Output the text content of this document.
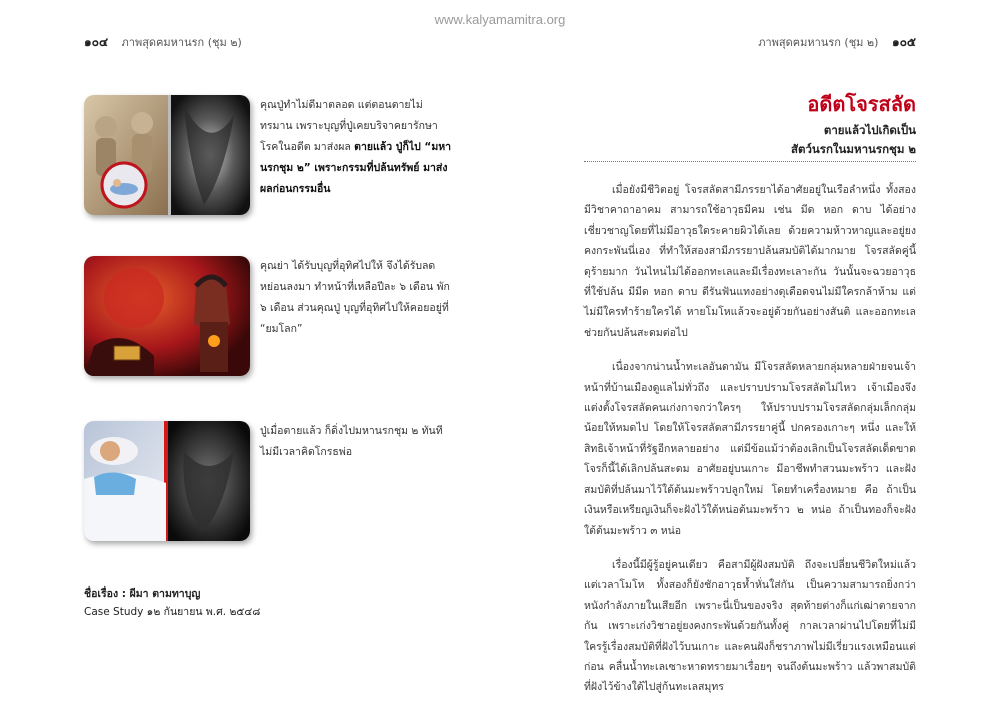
www.kalyamamitra.org
๑๐๔ ภาพสุดฅมหานรก (ชุม ๒)	ภาพสุดฅมหานรก (ชุม ๒) ๑๐๕
คุณปู่ทำไม่ดีมาตลอด แต่ตอนตายไม่ทรมาน เพราะบุญที่ปู่เคยบริจาคยารักษาโรคในอดีต มาส่งผล ตายแล้ว ปู่ก็ไป “มหานรกชุม ๒” เพราะกรรมที่ปล้นทรัพย์ มาส่งผลก่อนกรรมอื่น
คุณย่า ได้รับบุญที่อุทิศไปให้ จึงได้รับลดหย่อนลงมา ทำหน้าที่เหลือปีละ ๖ เดือน พัก ๖ เดือน ส่วนคุณปู่ บุญที่อุทิศไปให้คอยอยู่ที่ “ยมโลก”
ปู่เมื่อตายแล้ว ก็ดิ่งไปมหานรกชุม ๒ ทันที ไม่มีเวลาคิดโกรธพ่อ
ชื่อเรื่อง : ผีมา ตามทาบุญ
Case Study ๑๒ กันยายน พ.ศ. ๒๕๔๘
อดีตโจรสลัด
ตายแล้วไปเกิดเป็น
สัตว์นรกในมหานรกชุม ๒

เมื่อยังมีชีวิตอยู่ โจรสลัดสามีภรรยาได้อาศัยอยู่ในเรือลำหนึ่ง ทั้งสองมีวิชาคาถาอาคม สามารถใช้อาวุธมีคม เช่น มีด หอก ดาบ ได้อย่างเชี่ยวชาญโดยที่ไม่มีอาวุธใดระคายผิวได้เลย ด้วยความห้าวหาญและอยู่ยงคงกระพันนี่เอง ที่ทำให้สองสามีภรรยาปล้นสมบัติได้มากมาย โจรสลัดคู่นี้ดุร้ายมาก วันไหนไม่ได้ออกทะเลและมีเรื่องทะเลาะกัน วันนั้นจะฉวยอาวุธที่ใช้ปล้น มีมีด หอก ดาบ ดีรันฟันแทงอย่างดุเดือดจนไม่มีใครกล้าห้าม แต่ไม่มีใครทำร้ายใครได้ หายโมโหแล้วจะอยู่ด้วยกันอย่างสันติ และออกทะเลช่วยกันปล้นสะดมต่อไป

เนื่องจากน่านน้ำทะเลอันดามัน มีโจรสลัดหลายกลุ่มหลายฝ่ายจนเจ้าหน้าที่บ้านเมืองดูแลไม่ทั่วถึง และปราบปรามโจรสลัดไม่ไหว เจ้าเมืองจึงแต่งตั้งโจรสลัดคนเก่งกาจกว่าใครๆ ให้ปราบปรามโจรสลัดกลุ่มเล็กกลุ่มน้อยให้หมดไป โดยให้โจรสลัดสามีภรรยาคู่นี้ ปกครองเกาะๆ หนึ่ง และให้สิทธิเจ้าหน้าที่รัฐอีกหลายอย่าง แต่มีข้อแม้ว่าต้องเลิกเป็นโจรสลัดเด็ดขาด โจรก็นี้ได้เลิกปล้นสะดม อาศัยอยู่บนเกาะ มีอาชีพทำสวนมะพร้าว และฝังสมบัติที่ปล้นมาไว้ใต้ต้นมะพร้าวปลูกใหม่ โดยทำเครื่องหมาย คือ ถ้าเป็นเงินหรือเหรียญเงินก็จะฝังไว้ใต้หน่อต้นมะพร้าว ๒ หน่อ ถ้าเป็นทองก็จะฝังใต้ต้นมะพร้าว ๓ หน่อ

เรื่องนี้มีผู้รู้อยู่คนเดียว คือสามีผู้ฝังสมบัติ ถึงจะเปลี่ยนชีวิตใหม่แล้ว แต่เวลาโมโห ทั้งสองก็ยังชักอาวุธห้ำหั่นใส่กัน เป็นความสามารถยิ่งกว่าหนังกำลังภายในเสียอีก เพราะนี่เป็นของจริง สุดท้ายต่างก็แก่เฒ่าตายจากกัน เพราะเก่งวิชาอยู่ยงคงกระพันด้วยกันทั้งคู่ กาลเวลาผ่านไปโดยที่ไม่มีใครรู้เรื่องสมบัติที่ฝังไว้บนเกาะ และคนฝังก็ชราภาพไม่มีเรี่ยวแรงเหมือนแต่ก่อน คลื่นน้ำทะเลเซาะหาดทรายมาเรื่อยๆ จนถึงต้นมะพร้าว แล้วพาสมบัติที่ฝังไว้ข้างใต้ไปสู่ก้นทะเลสมุทร
